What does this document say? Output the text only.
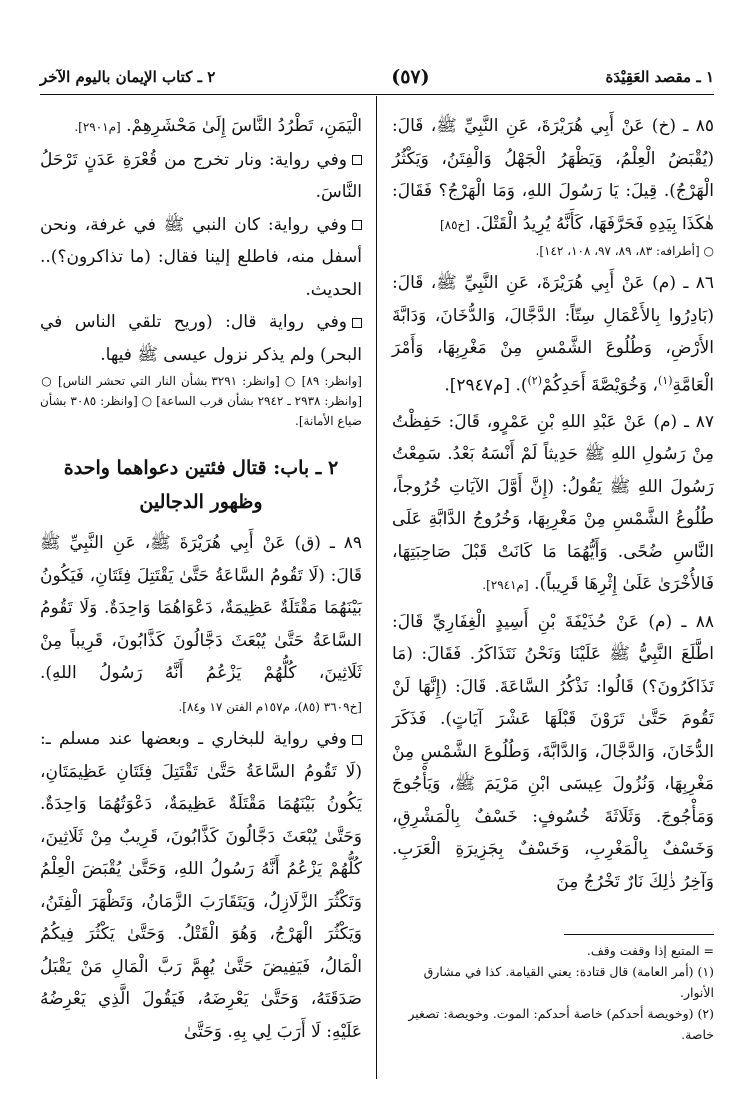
١ ـ مقصد العَقِيْدَة
(٥٧)
٢ ـ كتاب الإيمان باليوم الآخر

٨٥ ـ (خ) عَنْ أَبِي هُرَيْرَةَ، عَنِ النَّبِيِّ ﷺ، قَالَ: (يُقْبَضُ الْعِلْمُ، وَيَظْهَرُ الْجَهْلُ وَالْفِتَنُ، وَيَكْثُرُ الْهَرْجُ). قِيلَ: يَا رَسُولَ اللهِ، وَمَا الْهَرْجُ؟ فَقَالَ: هٰكَذَا بِيَدِهِ فَحَرَّفَهَا، كَأَنَّهُ يُرِيدُ الْقَتْلَ. [خ٨٥]

○ [أطرافه: ٨٣، ٨٩، ٩٧، ١٠٨، ١٤٢].

٨٦ ـ (م) عَنْ أَبِي هُرَيْرَةَ، عَنِ النَّبِيِّ ﷺ، قَالَ: (بَادِرُوا بِالأَعْمَالِ سِتّاً: الدَّجَّالَ، وَالدُّخَانَ، وَدَابَّةَ الأَرْضِ، وَطُلُوعَ الشَّمْسِ مِنْ مَغْرِبِهَا، وَأَمْرَ الْعَامَّةِ$^{(١)}$، وَخُوَيْصَّةَ أَحَدِكُمْ$^{(٢)}$). [م٢٩٤٧].

٨٧ ـ (م) عَنْ عَبْدِ اللهِ بْنِ عَمْرٍو، قَالَ: حَفِظْتُ مِنْ رَسُولِ اللهِ ﷺ حَدِيثاً لَمْ أَنْسَهُ بَعْدُ. سَمِعْتُ رَسُولَ اللهِ ﷺ يَقُولُ: (إِنَّ أَوَّلَ الآيَاتِ خُرُوجاً، طُلُوعُ الشَّمْسِ مِنْ مَغْرِبِهَا، وَخُرُوجُ الدَّابَّةِ عَلَى النَّاسِ ضُحًى. وَأَيُّهُمَا مَا كَانَتْ قَبْلَ صَاحِبَتِهَا، فَالأُخْرَىٰ عَلَىٰ إِثْرِهَا قَرِيباً). [م٢٩٤١].

٨٨ ـ (م) عَنْ حُذَيْفَةَ بْنِ أَسِيدٍ الْغِفَارِيِّ قَالَ: اطَّلَعَ النَّبِيُّ ﷺ عَلَيْنَا وَنَحْنُ نَتَذَاكَرُ. فَقَالَ: (مَا تَذَاكَرُونَ؟) قَالُوا: نَذْكُرُ السَّاعَةَ. قَالَ: (إِنَّهَا لَنْ تَقُومَ حَتَّىٰ تَرَوْنَ قَبْلَهَا عَشْرَ آيَاتٍ). فَذَكَرَ الدُّخَانَ، وَالدَّجَّالَ، وَالدَّابَّةَ، وَطُلُوعَ الشَّمْسِ مِنْ مَغْرِبِهَا، وَنُزُولَ عِيسَى ابْنِ مَرْيَمَ ﷺ، وَيَأْجُوجَ وَمَأْجُوجَ. وَثَلَاثَةَ خُسُوفٍ: خَسْفٌ بِالْمَشْرِقِ، وَخَسْفٌ بِالْمَغْرِبِ، وَخَسْفٌ بِجَزِيرَةِ الْعَرَبِ. وَآخِرُ ذٰلِكَ نَارٌ تَخْرُجُ مِنَ

= المتبع إذا وقفت وقف.

(١) (أمر العامة) قال قتادة: يعني القيامة. كذا في مشارق الأنوار.

(٢) (وخويصة أحدكم) خاصة أحدكم: الموت. وخويصة: تصغير خاصة.

الْيَمَنِ، تَطْرُدُ النَّاسَ إِلَىٰ مَحْشَرِهِمْ. [م٢٩٠١].

وفي رواية: ونار تخرج من قُعْرَةِ عَدَنٍ تَرْحَلُ النَّاسَ.

وفي رواية: كان النبي ﷺ في غرفة، ونحن أسفل منه، فاطلع إلينا فقال: (ما تذاكرون؟).. الحديث.

وفي رواية قال: (وريح تلقي الناس في البحر) ولم يذكر نزول عيسى ﷺ فيها.

[وانظر: ٨٩] ○ [وانظر: ٣٢٩١ بشأن النار التي تحشر الناس] ○ [وانظر: ٢٩٣٨ ـ ٢٩٤٢ بشأن قرب الساعة] ○ [وانظر: ٣٠٨٥ بشأن ضياع الأمانة].

٢ ـ باب: قتال فئتين دعواهما واحدة وظهور الدجالين

٨٩ ـ (ق) عَنْ أَبِي هُرَيْرَةَ ﷺ، عَنِ النَّبِيِّ ﷺ قَالَ: (لَا تَقُومُ السَّاعَةُ حَتَّىٰ يَقْتَتِلَ فِئَتَانِ، فَيَكُونُ بَيْنَهُمَا مَقْتَلَةٌ عَظِيمَةٌ، دَعْوَاهُمَا وَاحِدَةٌ. وَلَا تَقُومُ السَّاعَةُ حَتَّىٰ يُبْعَثَ دَجَّالُونَ كَذَّابُونَ، قَرِيباً مِنْ ثَلَاثِينَ، كُلُّهُمْ يَزْعُمُ أَنَّهُ رَسُولُ اللهِ). [خ٣٦٠٩ (٨٥)، م١٥٧م الفتن ١٧ و٨٤].

وفي رواية للبخاري ـ وبعضها عند مسلم ـ: (لَا تَقُومُ السَّاعَةُ حَتَّىٰ تَقْتَتِلَ فِئَتَانِ عَظِيمَتَانِ، يَكُونُ بَيْنَهُمَا مَقْتَلَةٌ عَظِيمَةٌ، دَعْوَتُهُمَا وَاحِدَةٌ. وَحَتَّىٰ يُبْعَثَ دَجَّالُونَ كَذَّابُونَ، قَرِيبٌ مِنْ ثَلَاثِينَ، كُلُّهُمْ يَزْعُمُ أَنَّهُ رَسُولُ اللهِ، وَحَتَّىٰ يُقْبَضَ الْعِلْمُ وَتَكْثُرَ الزَّلَازِلُ، وَيَتَقَارَبَ الزَّمَانُ، وَتَظْهَرَ الْفِتَنُ، وَيَكْثُرَ الْهَرْجُ، وَهُوَ الْقَتْلُ. وَحَتَّىٰ يَكْثُرَ فِيكُمُ الْمَالُ، فَيَفِيضَ حَتَّىٰ يُهِمَّ رَبَّ الْمَالِ مَنْ يَقْبَلُ صَدَقَتَهُ، وَحَتَّىٰ يَعْرِضَهُ، فَيَقُولَ الَّذِي يَعْرِضُهُ عَلَيْهِ: لَا أَرَبَ لِي بِهِ. وَحَتَّىٰ
